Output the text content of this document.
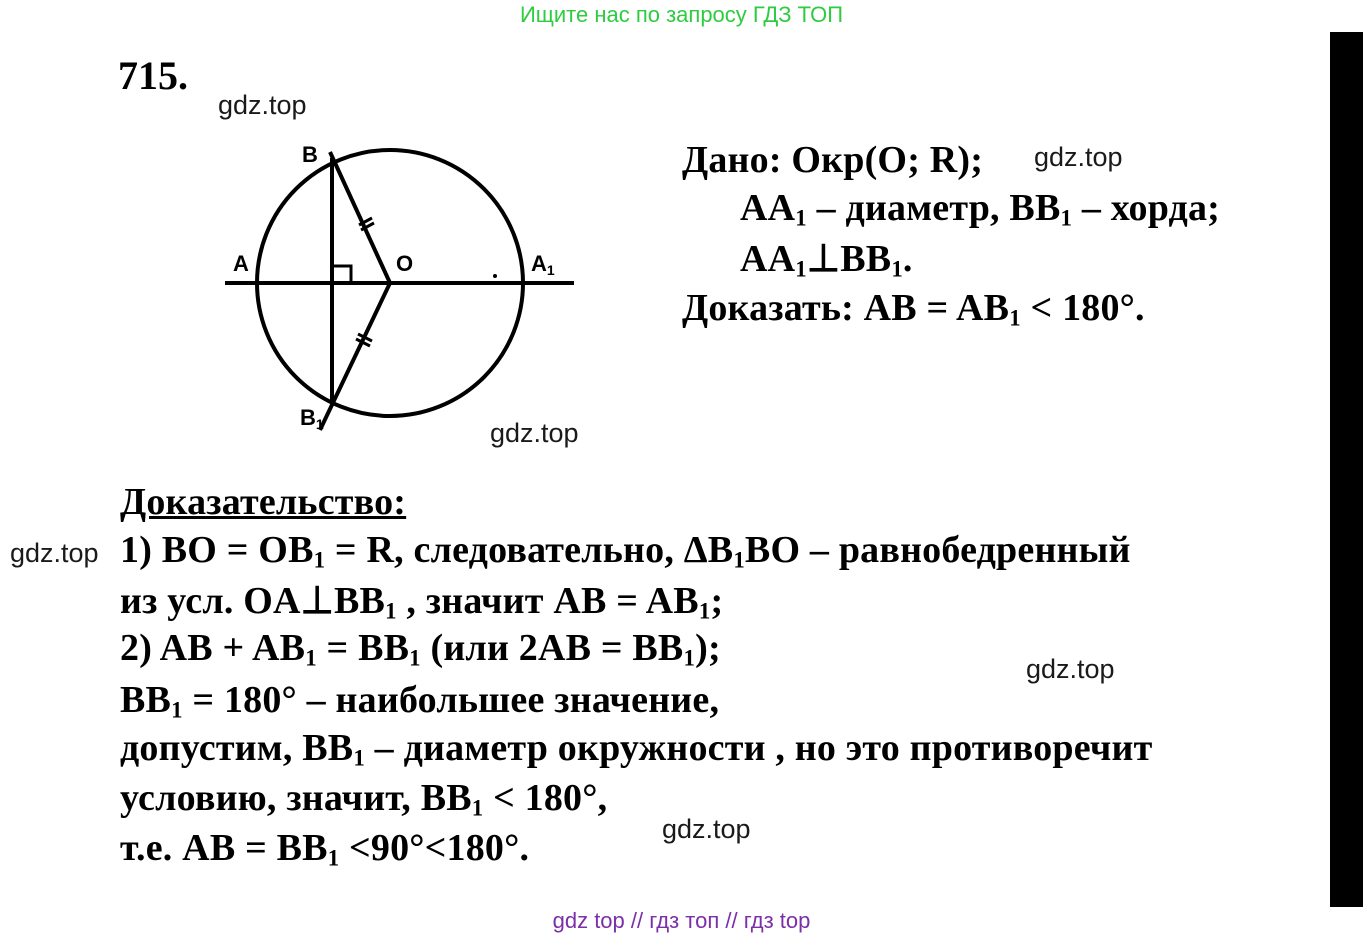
Ищите нас по запросу ГДЗ ТОП
715.
gdz.top
gdz.top
gdz.top
gdz.top
gdz.top
gdz.top
B
A	O	A1
B1
Дано: Окр(O; R);
$AA_1$ – диаметр, $BB_1$ – хорда;
$AA_1\perp BB_1$.
Доказать: AB = $AB_1 < 180^\circ$.
Доказательство:
1) BO = $OB_1 = R$, следовательно, $\Delta B_1BO$ – равнобедренный
из усл. $OA\perp BB_1$ , значит AB = $AB_1$;
2) AB + $AB_1 = BB_1$ (или $2AB = BB_1$);
$BB_1 = 180^\circ$ – наибольшее значение,
допустим, $BB_1$ – диаметр окружности , но это противоречит
условию, значит, $BB_1 < 180^\circ$,
т.е. AB = $BB_1 <90^\circ<180^\circ$.
gdz top // гдз топ // гдз top
